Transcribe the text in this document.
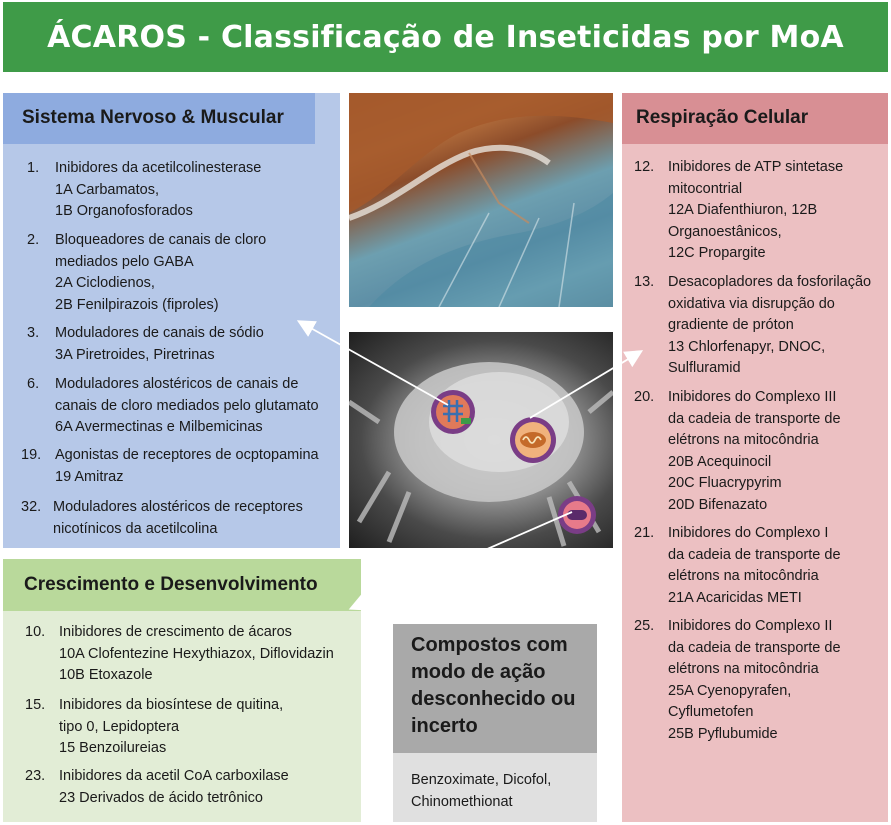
ÁCAROS - Classificação de Inseticidas por MoA
Sistema Nervoso & Muscular
1. Inibidores da acetilcolinesterase
1A Carbamatos,
1B Organofosforados
2. Bloqueadores de canais de cloro
mediados pelo GABA
2A Ciclodienos,
2B Fenilpirazois (fiproles)
3. Moduladores de canais de sódio
3A Piretroides, Piretrinas
6. Moduladores alostéricos de canais de
canais de cloro mediados pelo glutamato
6A Avermectinas e Milbemicinas
19. Agonistas de receptores de ocptopamina
19 Amitraz
32. Moduladores alostéricos de receptores
nicotínicos da acetilcolina
Crescimento e Desenvolvimento
10. Inibidores de crescimento de ácaros
10A Clofentezine Hexythiazox, Diflovidazin
10B Etoxazole
15. Inibidores da biosíntese de quitina,
tipo 0, Lepidoptera
15 Benzoilureias
23. Inibidores da acetil CoA carboxilase
23 Derivados de ácido tetrônico
Respiração Celular
12. Inibidores de ATP sintetase
mitocontrial
12A Diafenthiuron, 12B
Organoestânicos,
12C Propargite
13. Desacopladores da fosforilação
oxidativa via disrupção do
gradiente de próton
13 Chlorfenapyr, DNOC,
Sulfluramid
20. Inibidores do Complexo III
da cadeia de transporte de
elétrons na mitocôndria
20B Acequinocil
20C Fluacrypyrim
20D Bifenazato
21. Inibidores do Complexo I
da cadeia de transporte de
elétrons na mitocôndria
21A Acaricidas METI
25. Inibidores do Complexo II
da cadeia de transporte de
elétrons na mitocôndria
25A Cyenopyrafen,
Cyflumetofen
25B Pyflubumide
Compostos com
modo de ação
desconhecido ou
incerto
Benzoximate, Dicofol,
Chinomethionat
